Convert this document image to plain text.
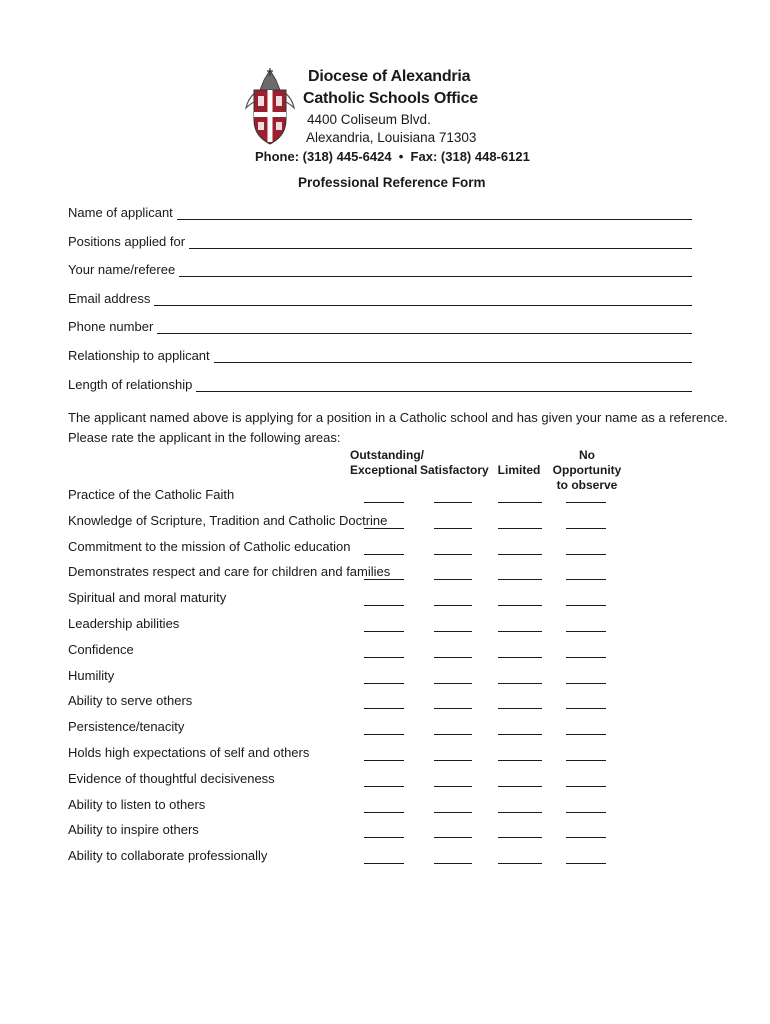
Diocese of Alexandria
Catholic Schools Office
4400 Coliseum Blvd.
Alexandria, Louisiana 71303
Phone: (318) 445-6424  •  Fax: (318) 448-6121
Professional Reference Form
Name of applicant
Positions applied for
Your name/referee
Email address
Phone number
Relationship to applicant
Length of relationship
The applicant named above is applying for a position in a Catholic school and has given your name as a reference.
Please rate the applicant in the following areas:
Outstanding/
Exceptional Satisfactory Limited
No Opportunity
to observe
Practice of the Catholic Faith
Knowledge of Scripture, Tradition and Catholic Doctrine
Commitment to the mission of Catholic education
Demonstrates respect and care for children and families
Spiritual and moral maturity
Leadership abilities
Confidence
Humility
Ability to serve others
Persistence/tenacity
Holds high expectations of self and others
Evidence of thoughtful decisiveness
Ability to listen to others
Ability to inspire others
Ability to collaborate professionally
